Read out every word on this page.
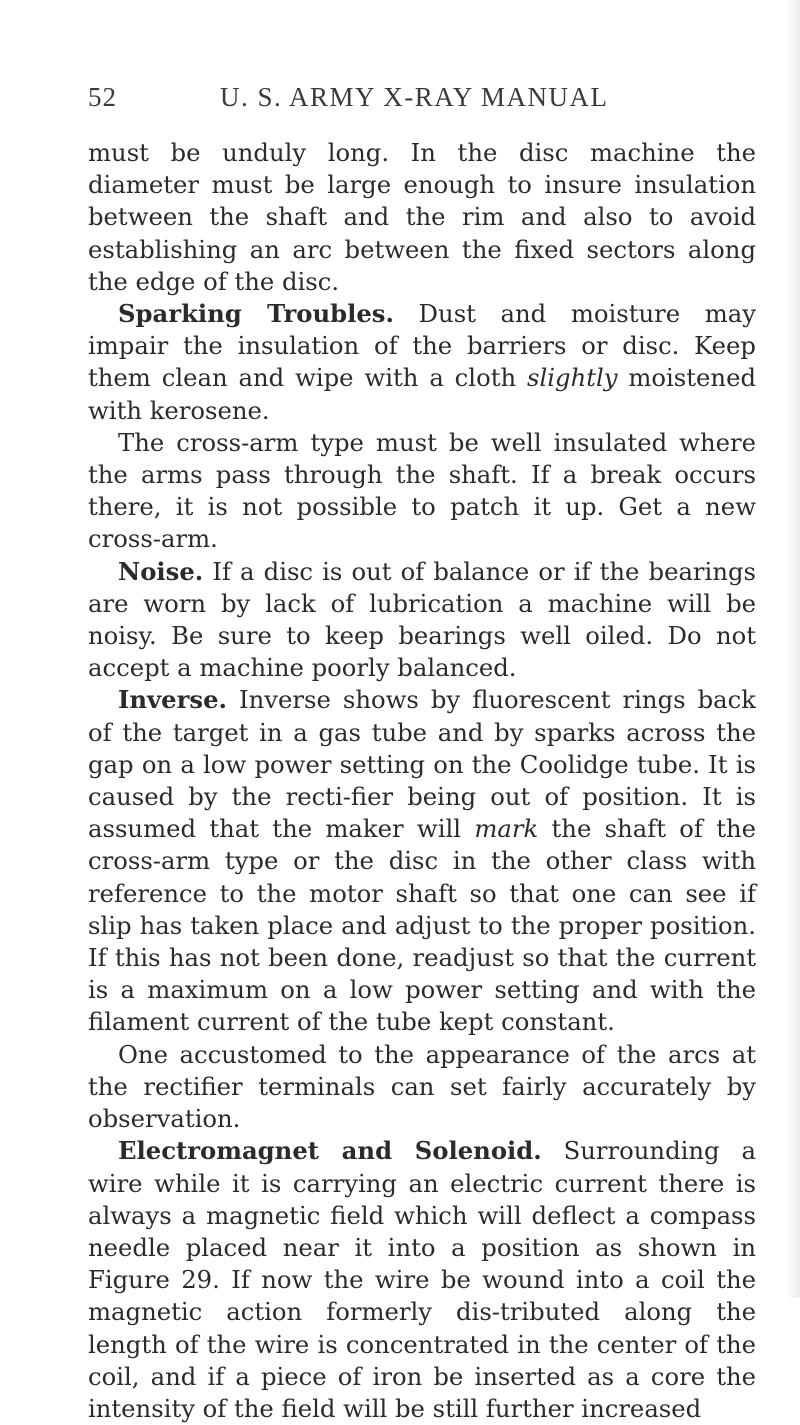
52	U. S. ARMY X-RAY MANUAL

must be unduly long. In the disc machine the diameter must be large enough to insure insulation between the shaft and the rim and also to avoid establishing an arc between the fixed sectors along the edge of the disc.

Sparking Troubles. Dust and moisture may impair the insulation of the barriers or disc. Keep them clean and wipe with a cloth slightly moistened with kerosene.

The cross-arm type must be well insulated where the arms pass through the shaft. If a break occurs there, it is not possible to patch it up. Get a new cross-arm.

Noise. If a disc is out of balance or if the bearings are worn by lack of lubrication a machine will be noisy. Be sure to keep bearings well oiled. Do not accept a machine poorly balanced.

Inverse. Inverse shows by fluorescent rings back of the target in a gas tube and by sparks across the gap on a low power setting on the Coolidge tube. It is caused by the recti-fier being out of position. It is assumed that the maker will mark the shaft of the cross-arm type or the disc in the other class with reference to the motor shaft so that one can see if slip has taken place and adjust to the proper position. If this has not been done, readjust so that the current is a maximum on a low power setting and with the filament current of the tube kept constant.

One accustomed to the appearance of the arcs at the rectifier terminals can set fairly accurately by observation.

Electromagnet and Solenoid. Surrounding a wire while it is carrying an electric current there is always a magnetic field which will deflect a compass needle placed near it into a position as shown in Figure 29. If now the wire be wound into a coil the magnetic action formerly dis-tributed along the length of the wire is concentrated in the center of the coil, and if a piece of iron be inserted as a core the intensity of the field will be still further increased
